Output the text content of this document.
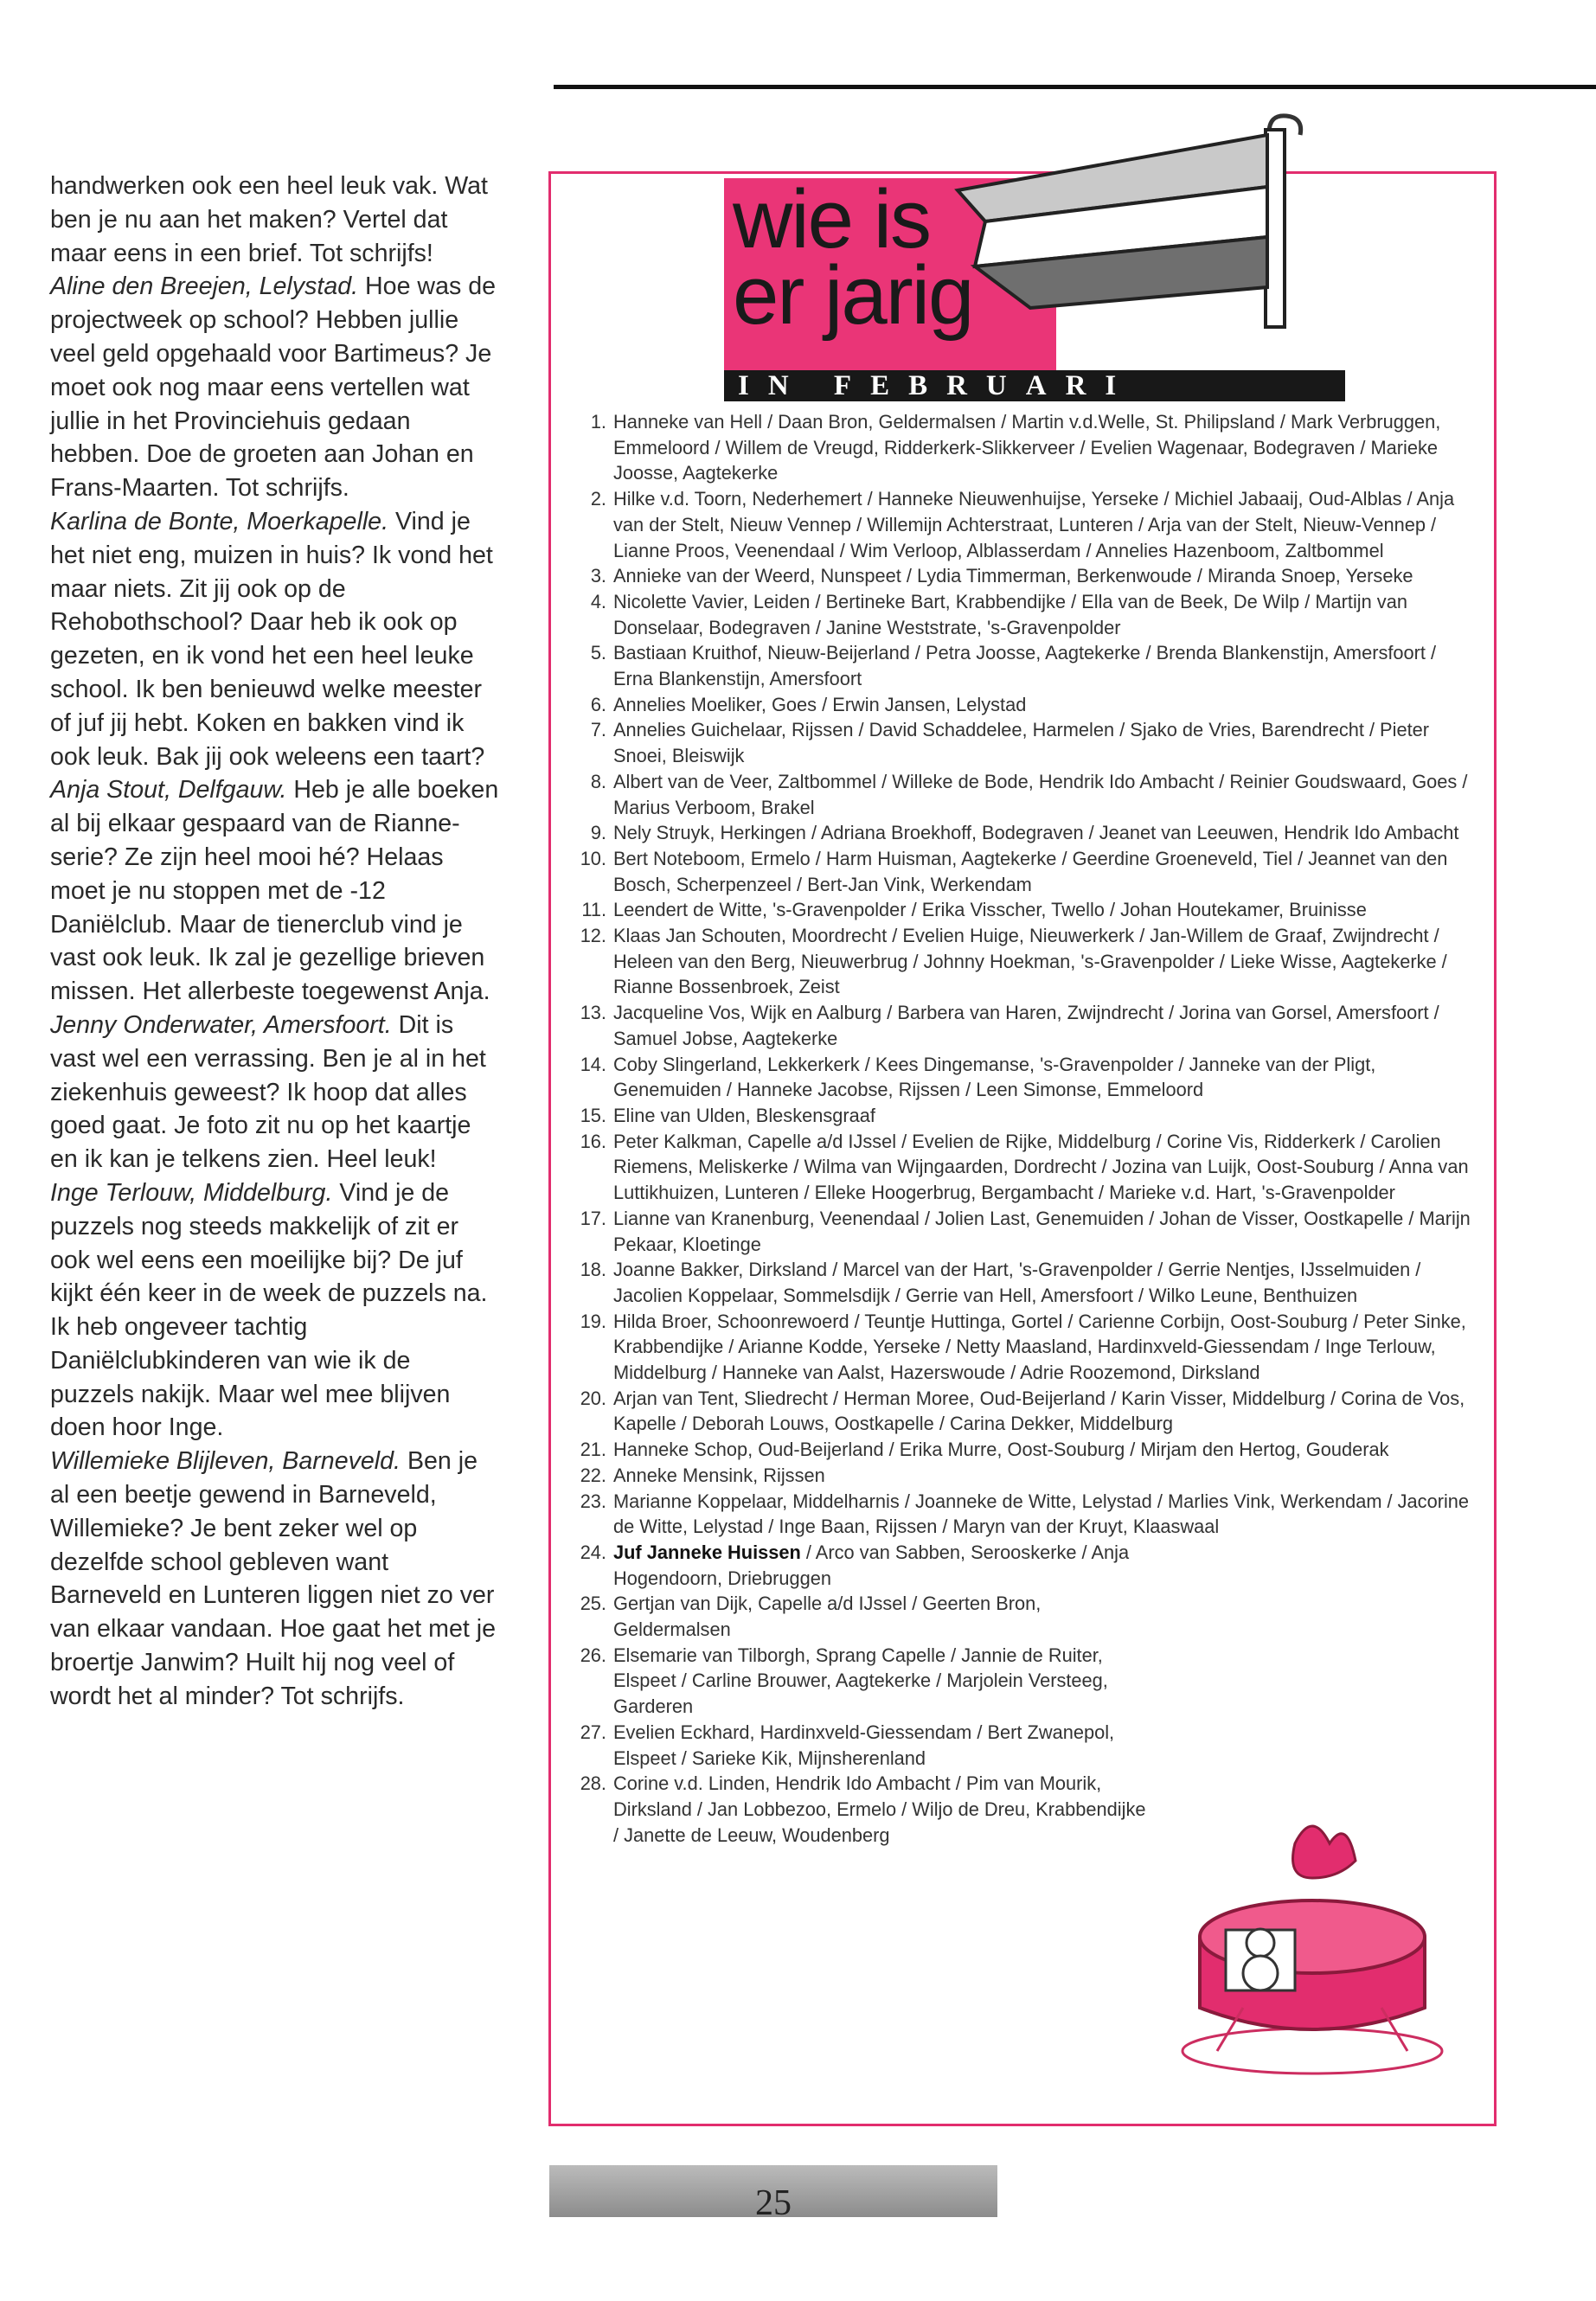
handwerken ook een heel leuk vak. Wat ben je nu aan het maken? Vertel dat maar eens in een brief. Tot schrijfs!

Aline den Breejen, Lelystad. Hoe was de projectweek op school? Hebben jullie veel geld opgehaald voor Bartimeus? Je moet ook nog maar eens vertellen wat jullie in het Provinciehuis gedaan hebben. Doe de groeten aan Johan en Frans-Maarten. Tot schrijfs.

Karlina de Bonte, Moerkapelle. Vind je het niet eng, muizen in huis? Ik vond het maar niets. Zit jij ook op de Rehobothschool? Daar heb ik ook op gezeten, en ik vond het een heel leuke school. Ik ben benieuwd welke meester of juf jij hebt. Koken en bakken vind ik ook leuk. Bak jij ook weleens een taart?

Anja Stout, Delfgauw. Heb je alle boeken al bij elkaar gespaard van de Rianne-serie? Ze zijn heel mooi hé? Helaas moet je nu stoppen met de -12 Daniëlclub. Maar de tienerclub vind je vast ook leuk. Ik zal je gezellige brieven missen. Het allerbeste toegewenst Anja.

Jenny Onderwater, Amersfoort. Dit is vast wel een verrassing. Ben je al in het ziekenhuis geweest? Ik hoop dat alles goed gaat. Je foto zit nu op het kaartje en ik kan je telkens zien. Heel leuk!

Inge Terlouw, Middelburg. Vind je de puzzels nog steeds makkelijk of zit er ook wel eens een moeilijke bij? De juf kijkt één keer in de week de puzzels na. Ik heb ongeveer tachtig Daniëlclubkinderen van wie ik de puzzels nakijk. Maar wel mee blijven doen hoor Inge.

Willemieke Blijleven, Barneveld. Ben je al een beetje gewend in Barneveld, Willemieke? Je bent zeker wel op dezelfde school gebleven want Barneveld en Lunteren liggen niet zo ver van elkaar vandaan. Hoe gaat het met je broertje Janwim? Huilt hij nog veel of wordt het al minder? Tot schrijfs.

wie is
er jarig
IN FEBRUARI
1. Hanneke van Hell / Daan Bron, Geldermalsen / Martin v.d.Welle, St. Philipsland / Mark Verbruggen, Emmeloord / Willem de Vreugd, Ridderkerk-Slikkerveer / Evelien Wagenaar, Bodegraven / Marieke Joosse, Aagtekerke
2. Hilke v.d. Toorn, Nederhemert / Hanneke Nieuwenhuijse, Yerseke / Michiel Jabaaij, Oud-Alblas / Anja van der Stelt, Nieuw Vennep / Willemijn Achterstraat, Lunteren / Arja van der Stelt, Nieuw-Vennep / Lianne Proos, Veenendaal / Wim Verloop, Alblasserdam / Annelies Hazenboom, Zaltbommel
3. Annieke van der Weerd, Nunspeet / Lydia Timmerman, Berkenwoude / Miranda Snoep, Yerseke
4. Nicolette Vavier, Leiden / Bertineke Bart, Krabbendijke / Ella van de Beek, De Wilp / Martijn van Donselaar, Bodegraven / Janine Weststrate, 's-Gravenpolder
5. Bastiaan Kruithof, Nieuw-Beijerland / Petra Joosse, Aagtekerke / Brenda Blankenstijn, Amersfoort / Erna Blankenstijn, Amersfoort
6. Annelies Moeliker, Goes / Erwin Jansen, Lelystad
7. Annelies Guichelaar, Rijssen / David Schaddelee, Harmelen / Sjako de Vries, Barendrecht / Pieter Snoei, Bleiswijk
8. Albert van de Veer, Zaltbommel / Willeke de Bode, Hendrik Ido Ambacht / Reinier Goudswaard, Goes / Marius Verboom, Brakel
9. Nely Struyk, Herkingen / Adriana Broekhoff, Bodegraven / Jeanet van Leeuwen, Hendrik Ido Ambacht
10. Bert Noteboom, Ermelo / Harm Huisman, Aagtekerke / Geerdine Groeneveld, Tiel / Jeannet van den Bosch, Scherpenzeel / Bert-Jan Vink, Werkendam
11. Leendert de Witte, 's-Gravenpolder / Erika Visscher, Twello / Johan Houtekamer, Bruinisse
12. Klaas Jan Schouten, Moordrecht / Evelien Huige, Nieuwerkerk / Jan-Willem de Graaf, Zwijndrecht / Heleen van den Berg, Nieuwerbrug / Johnny Hoekman, 's-Gravenpolder / Lieke Wisse, Aagtekerke / Rianne Bossenbroek, Zeist
13. Jacqueline Vos, Wijk en Aalburg / Barbera van Haren, Zwijndrecht / Jorina van Gorsel, Amersfoort / Samuel Jobse, Aagtekerke
14. Coby Slingerland, Lekkerkerk / Kees Dingemanse, 's-Gravenpolder / Janneke van der Pligt, Genemuiden / Hanneke Jacobse, Rijssen / Leen Simonse, Emmeloord
15. Eline van Ulden, Bleskensgraaf
16. Peter Kalkman, Capelle a/d IJssel / Evelien de Rijke, Middelburg / Corine Vis, Ridderkerk / Carolien Riemens, Meliskerke / Wilma van Wijngaarden, Dordrecht / Jozina van Luijk, Oost-Souburg / Anna van Luttikhuizen, Lunteren / Elleke Hoogerbrug, Bergambacht / Marieke v.d. Hart, 's-Gravenpolder
17. Lianne van Kranenburg, Veenendaal / Jolien Last, Genemuiden / Johan de Visser, Oostkapelle / Marijn Pekaar, Kloetinge
18. Joanne Bakker, Dirksland / Marcel van der Hart, 's-Gravenpolder / Gerrie Nentjes, IJsselmuiden / Jacolien Koppelaar, Sommelsdijk / Gerrie van Hell, Amersfoort / Wilko Leune, Benthuizen
19. Hilda Broer, Schoonrewoerd / Teuntje Huttinga, Gortel / Carienne Corbijn, Oost-Souburg / Peter Sinke, Krabbendijke / Arianne Kodde, Yerseke / Netty Maasland, Hardinxveld-Giessendam / Inge Terlouw, Middelburg / Hanneke van Aalst, Hazerswoude / Adrie Roozemond, Dirksland
20. Arjan van Tent, Sliedrecht / Herman Moree, Oud-Beijerland / Karin Visser, Middelburg / Corina de Vos, Kapelle / Deborah Louws, Oostkapelle / Carina Dekker, Middelburg
21. Hanneke Schop, Oud-Beijerland / Erika Murre, Oost-Souburg / Mirjam den Hertog, Gouderak
22. Anneke Mensink, Rijssen
23. Marianne Koppelaar, Middelharnis / Joanneke de Witte, Lelystad / Marlies Vink, Werkendam / Jacorine de Witte, Lelystad / Inge Baan, Rijssen / Maryn van der Kruyt, Klaaswaal
24. Juf Janneke Huissen / Arco van Sabben, Serooskerke / Anja Hogendoorn, Driebruggen
25. Gertjan van Dijk, Capelle a/d IJssel / Geerten Bron, Geldermalsen
26. Elsemarie van Tilborgh, Sprang Capelle / Jannie de Ruiter, Elspeet / Carline Brouwer, Aagtekerke / Marjolein Versteeg, Garderen
27. Evelien Eckhard, Hardinxveld-Giessendam / Bert Zwanepol, Elspeet / Sarieke Kik, Mijnsherenland
28. Corine v.d. Linden, Hendrik Ido Ambacht / Pim van Mourik, Dirksland / Jan Lobbezoo, Ermelo / Wiljo de Dreu, Krabbendijke / Janette de Leeuw, Woudenberg
25
